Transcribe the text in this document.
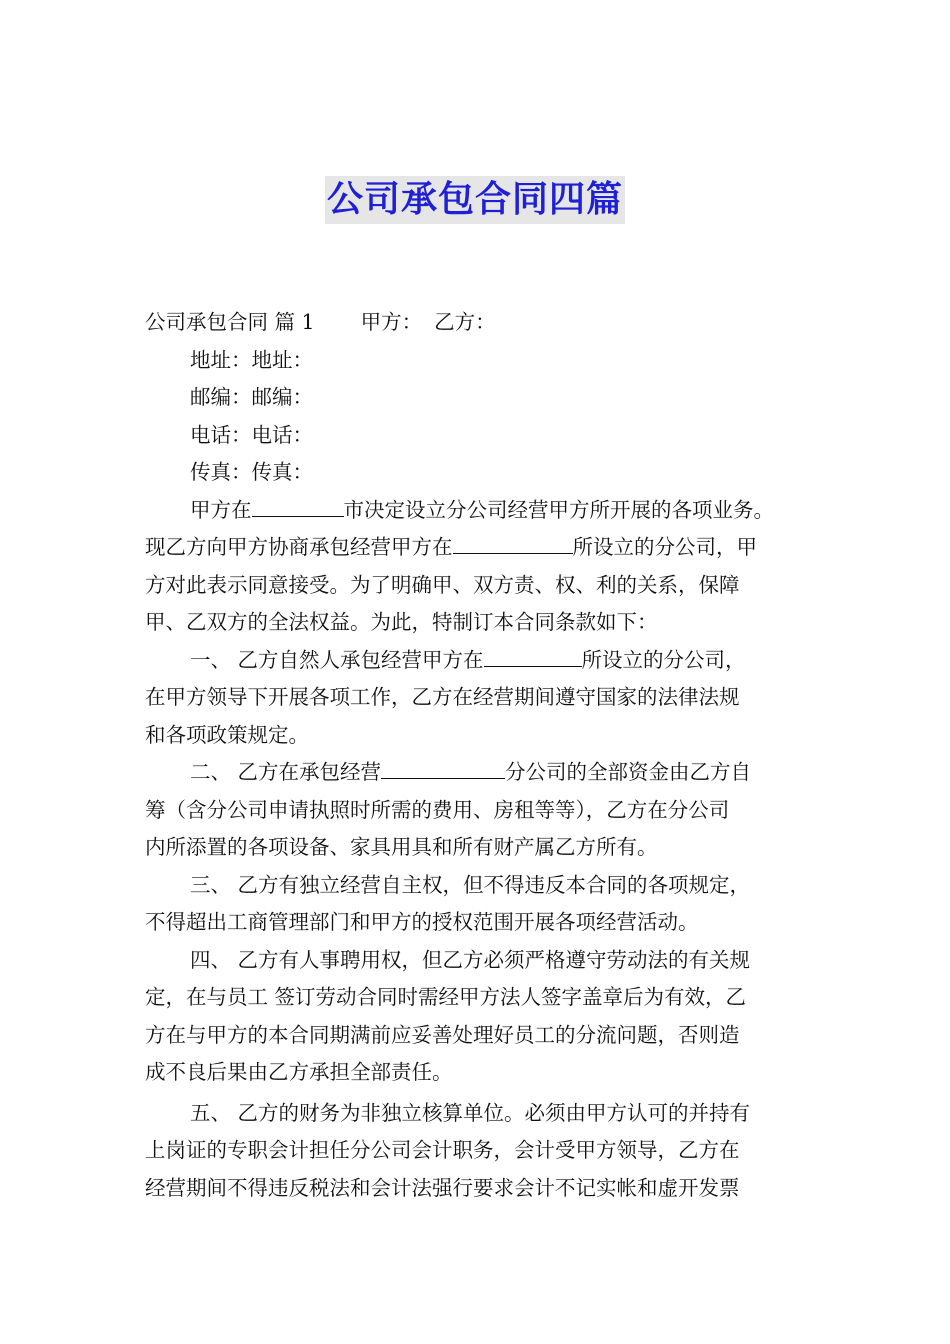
公司承包合同四篇
公司承包合同 篇 1 甲方： 乙方：
地址：地址：
邮编：邮编：
电话：电话：
传真：传真：
甲方在	市决定设立分公司经营甲方所开展的各项业务。
现乙方向甲方协商承包经营甲方在	所设立的分公司，甲
方对此表示同意接受。为了明确甲、双方责、权、利的关系，保障
甲、乙双方的全法权益。为此，特制订本合同条款如下：
一、 乙方自然人承包经营甲方在	所设立的分公司，
在甲方领导下开展各项工作，乙方在经营期间遵守国家的法律法规
和各项政策规定。
二、 乙方在承包经营	分公司的全部资金由乙方自
筹（含分公司申请执照时所需的费用、房租等等），乙方在分公司
内所添置的各项设备、家具用具和所有财产属乙方所有。
三、 乙方有独立经营自主权，但不得违反本合同的各项规定，
不得超出工商管理部门和甲方的授权范围开展各项经营活动。
四、 乙方有人事聘用权，但乙方必须严格遵守劳动法的有关规
定，在与员工 签订劳动合同时需经甲方法人签字盖章后为有效，乙
方在与甲方的本合同期满前应妥善处理好员工的分流问题，否则造
成不良后果由乙方承担全部责任。
五、 乙方的财务为非独立核算单位。必须由甲方认可的并持有
上岗证的专职会计担任分公司会计职务，会计受甲方领导，乙方在
经营期间不得违反税法和会计法强行要求会计不记实帐和虚开发票
